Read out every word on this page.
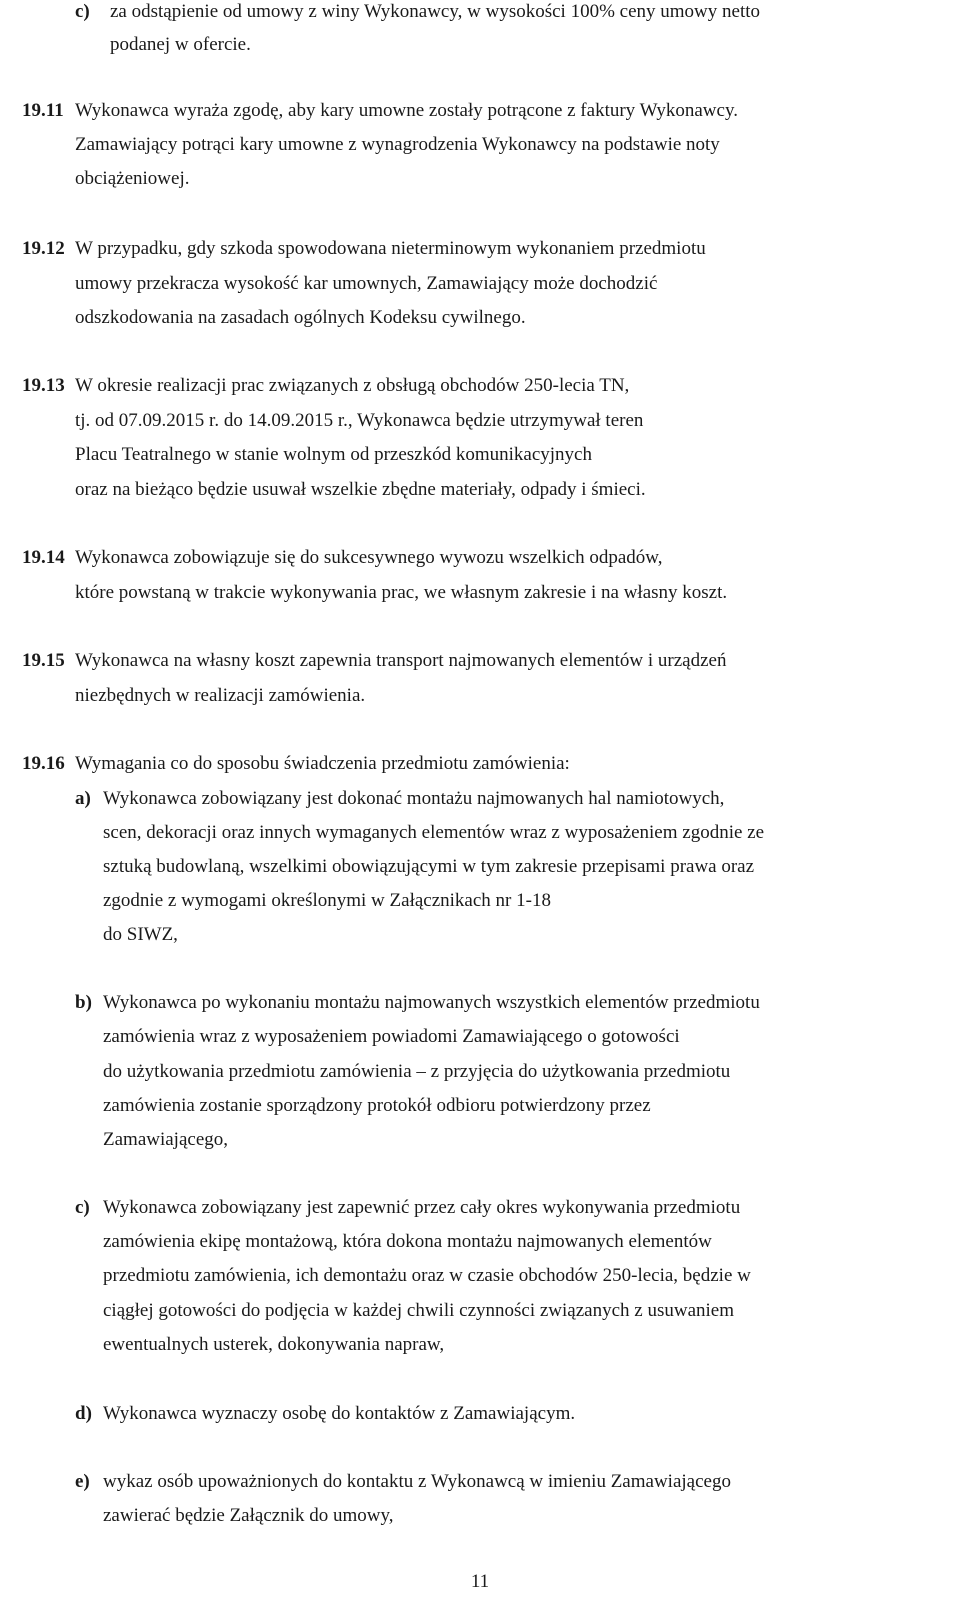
c) za odstąpienie od umowy z winy Wykonawcy, w wysokości 100% ceny umowy netto
podanej w ofercie.
19.11 Wykonawca wyraża zgodę, aby kary umowne zostały potrącone z faktury Wykonawcy.
Zamawiający potrąci kary umowne z wynagrodzenia Wykonawcy na podstawie noty
obciążeniowej.
19.12 W przypadku, gdy szkoda spowodowana nieterminowym wykonaniem przedmiotu
umowy przekracza wysokość kar umownych, Zamawiający może dochodzić
odszkodowania na zasadach ogólnych Kodeksu cywilnego.
19.13 W okresie realizacji prac związanych z obsługą obchodów 250-lecia TN,
tj. od 07.09.2015 r. do 14.09.2015 r., Wykonawca będzie utrzymywał teren
Placu Teatralnego w stanie wolnym od przeszkód komunikacyjnych
oraz na bieżąco będzie usuwał wszelkie zbędne materiały, odpady i śmieci.
19.14 Wykonawca zobowiązuje się do sukcesywnego wywozu wszelkich odpadów,
które powstaną w trakcie wykonywania prac, we własnym zakresie i na własny koszt.
19.15 Wykonawca na własny koszt zapewnia transport najmowanych elementów i urządzeń
niezbędnych w realizacji zamówienia.
19.16 Wymagania co do sposobu świadczenia przedmiotu zamówienia:
a) Wykonawca zobowiązany jest dokonać montażu najmowanych hal namiotowych,
scen, dekoracji oraz innych wymaganych elementów wraz z wyposażeniem zgodnie ze
sztuką budowlaną, wszelkimi obowiązującymi w tym zakresie przepisami prawa oraz
zgodnie z wymogami określonymi w Załącznikach nr 1-18
do SIWZ,
b) Wykonawca po wykonaniu montażu najmowanych wszystkich elementów przedmiotu
zamówienia wraz z wyposażeniem powiadomi Zamawiającego o gotowości
do użytkowania przedmiotu zamówienia – z przyjęcia do użytkowania przedmiotu
zamówienia zostanie sporządzony protokół odbioru potwierdzony przez
Zamawiającego,
c) Wykonawca zobowiązany jest zapewnić przez cały okres wykonywania przedmiotu
zamówienia ekipę montażową, która dokona montażu najmowanych elementów
przedmiotu zamówienia, ich demontażu oraz w czasie obchodów 250-lecia, będzie w
ciągłej gotowości do podjęcia w każdej chwili czynności związanych z usuwaniem
ewentualnych usterek, dokonywania napraw,
d) Wykonawca wyznaczy osobę do kontaktów z Zamawiającym.
e) wykaz osób upoważnionych do kontaktu z Wykonawcą w imieniu Zamawiającego
zawierać będzie Załącznik do umowy,
11
